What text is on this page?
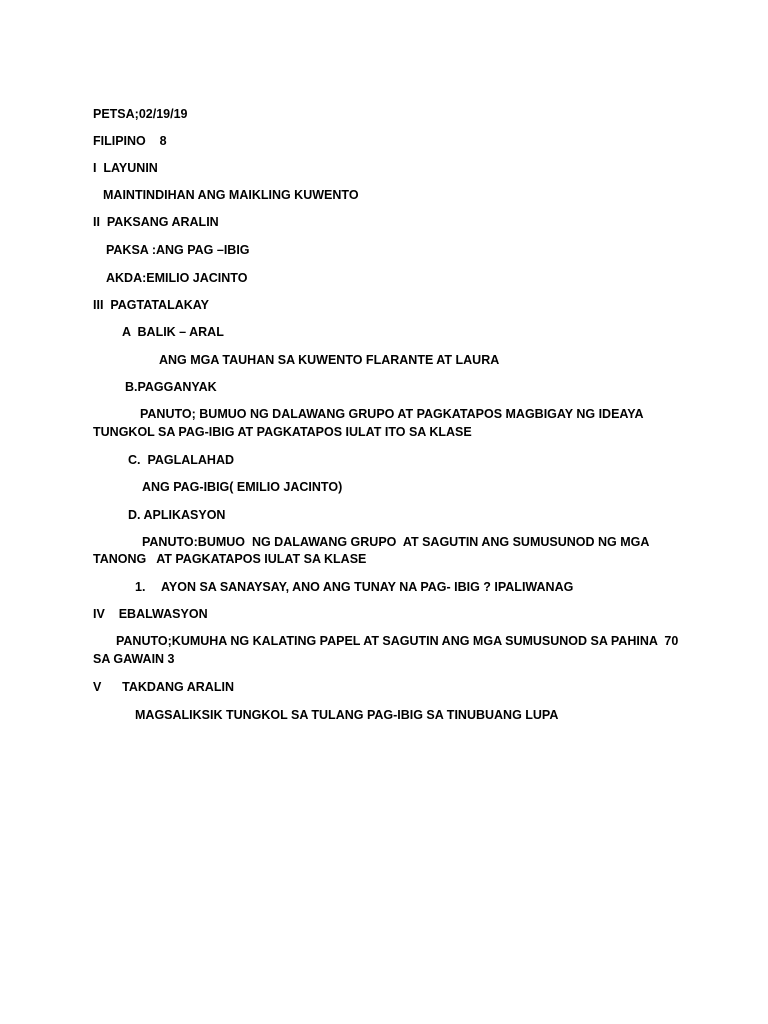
PETSA;02/19/19
FILIPINO    8
I  LAYUNIN
MAINTINDIHAN ANG MAIKLING KUWENTO
II  PAKSANG ARALIN
PAKSA :ANG PAG –IBIG
AKDA:EMILIO JACINTO
III  PAGTATALAKAY
A  BALIK – ARAL
ANG MGA TAUHAN SA KUWENTO FLARANTE AT LAURA
B.PAGGANYAK
PANUTO; BUMUO NG DALAWANG GRUPO AT PAGKATAPOS MAGBIGAY NG IDEAYA
TUNGKOL SA PAG-IBIG AT PAGKATAPOS IULAT ITO SA KLASE
C.  PAGLALAHAD
ANG PAG-IBIG( EMILIO JACINTO)
D. APLIKASYON
PANUTO:BUMUO  NG DALAWANG GRUPO  AT SAGUTIN ANG SUMUSUNOD NG MGA
TANONG   AT PAGKATAPOS IULAT SA KLASE
1. AYON SA SANAYSAY, ANO ANG TUNAY NA PAG- IBIG ? IPALIWANAG
IV    EBALWASYON
PANUTO;KUMUHA NG KALATING PAPEL AT SAGUTIN ANG MGA SUMUSUNOD SA PAHINA  70
SA GAWAIN 3
V      TAKDANG ARALIN
MAGSALIKSIK TUNGKOL SA TULANG PAG-IBIG SA TINUBUANG LUPA
